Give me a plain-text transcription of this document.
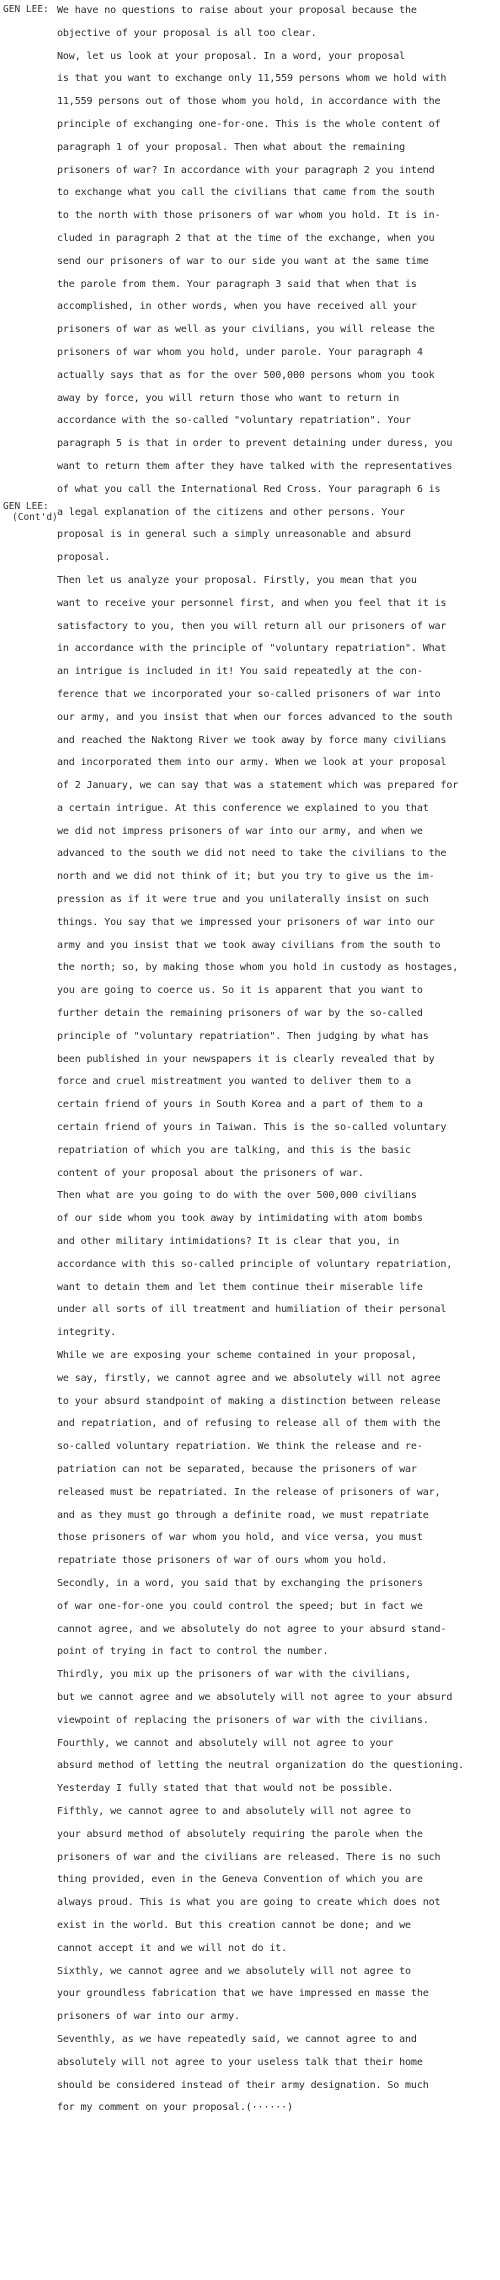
GEN LEE:
GEN LEE:
(Cont'd)
We have no questions to raise about your proposal because the
objective of your proposal is all too clear.
Now, let us look at your proposal. In a word, your proposal
is that you want to exchange only 11,559 persons whom we hold with
11,559 persons out of those whom you hold, in accordance with the
principle of exchanging one-for-one. This is the whole content of
paragraph 1 of your proposal. Then what about the remaining
prisoners of war? In accordance with your paragraph 2 you intend
to exchange what you call the civilians that came from the south
to the north with those prisoners of war whom you hold. It is in-
cluded in paragraph 2 that at the time of the exchange, when you
send our prisoners of war to our side you want at the same time
the parole from them. Your paragraph 3 said that when that is
accomplished, in other words, when you have received all your
prisoners of war as well as your civilians, you will release the
prisoners of war whom you hold, under parole. Your paragraph 4
actually says that as for the over 500,000 persons whom you took
away by force, you will return those who want to return in
accordance with the so-called "voluntary repatriation". Your
paragraph 5 is that in order to prevent detaining under duress, you
want to return them after they have talked with the representatives
of what you call the International Red Cross. Your paragraph 6 is
a legal explanation of the citizens and other persons. Your
proposal is in general such a simply unreasonable and absurd
proposal.
Then let us analyze your proposal. Firstly, you mean that you
want to receive your personnel first, and when you feel that it is
satisfactory to you, then you will return all our prisoners of war
in accordance with the principle of "voluntary repatriation". What
an intrigue is included in it! You said repeatedly at the con-
ference that we incorporated your so-called prisoners of war into
our army, and you insist that when our forces advanced to the south
and reached the Naktong River we took away by force many civilians
and incorporated them into our army. When we look at your proposal
of 2 January, we can say that was a statement which was prepared for
a certain intrigue. At this conference we explained to you that
we did not impress prisoners of war into our army, and when we
advanced to the south we did not need to take the civilians to the
north and we did not think of it; but you try to give us the im-
pression as if it were true and you unilaterally insist on such
things. You say that we impressed your prisoners of war into our
army and you insist that we took away civilians from the south to
the north; so, by making those whom you hold in custody as hostages,
you are going to coerce us. So it is apparent that you want to
further detain the remaining prisoners of war by the so-called
principle of "voluntary repatriation". Then judging by what has
been published in your newspapers it is clearly revealed that by
force and cruel mistreatment you wanted to deliver them to a
certain friend of yours in South Korea and a part of them to a
certain friend of yours in Taiwan. This is the so-called voluntary
repatriation of which you are talking, and this is the basic
content of your proposal about the prisoners of war.
Then what are you going to do with the over 500,000 civilians
of our side whom you took away by intimidating with atom bombs
and other military intimidations? It is clear that you, in
accordance with this so-called principle of voluntary repatriation,
want to detain them and let them continue their miserable life
under all sorts of ill treatment and humiliation of their personal
integrity.
While we are exposing your scheme contained in your proposal,
we say, firstly, we cannot agree and we absolutely will not agree
to your absurd standpoint of making a distinction between release
and repatriation, and of refusing to release all of them with the
so-called voluntary repatriation. We think the release and re-
patriation can not be separated, because the prisoners of war
released must be repatriated. In the release of prisoners of war,
and as they must go through a definite road, we must repatriate
those prisoners of war whom you hold, and vice versa, you must
repatriate those prisoners of war of ours whom you hold.
Secondly, in a word, you said that by exchanging the prisoners
of war one-for-one you could control the speed; but in fact we
cannot agree, and we absolutely do not agree to your absurd stand-
point of trying in fact to control the number.
Thirdly, you mix up the prisoners of war with the civilians,
but we cannot agree and we absolutely will not agree to your absurd
viewpoint of replacing the prisoners of war with the civilians.
Fourthly, we cannot and absolutely will not agree to your
absurd method of letting the neutral organization do the questioning.
Yesterday I fully stated that that would not be possible.
Fifthly, we cannot agree to and absolutely will not agree to
your absurd method of absolutely requiring the parole when the
prisoners of war and the civilians are released. There is no such
thing provided, even in the Geneva Convention of which you are
always proud. This is what you are going to create which does not
exist in the world. But this creation cannot be done; and we
cannot accept it and we will not do it.
Sixthly, we cannot agree and we absolutely will not agree to
your groundless fabrication that we have impressed en masse the
prisoners of war into our army.
Seventhly, as we have repeatedly said, we cannot agree to and
absolutely will not agree to your useless talk that their home
should be considered instead of their army designation. So much
for my comment on your proposal.(······)
